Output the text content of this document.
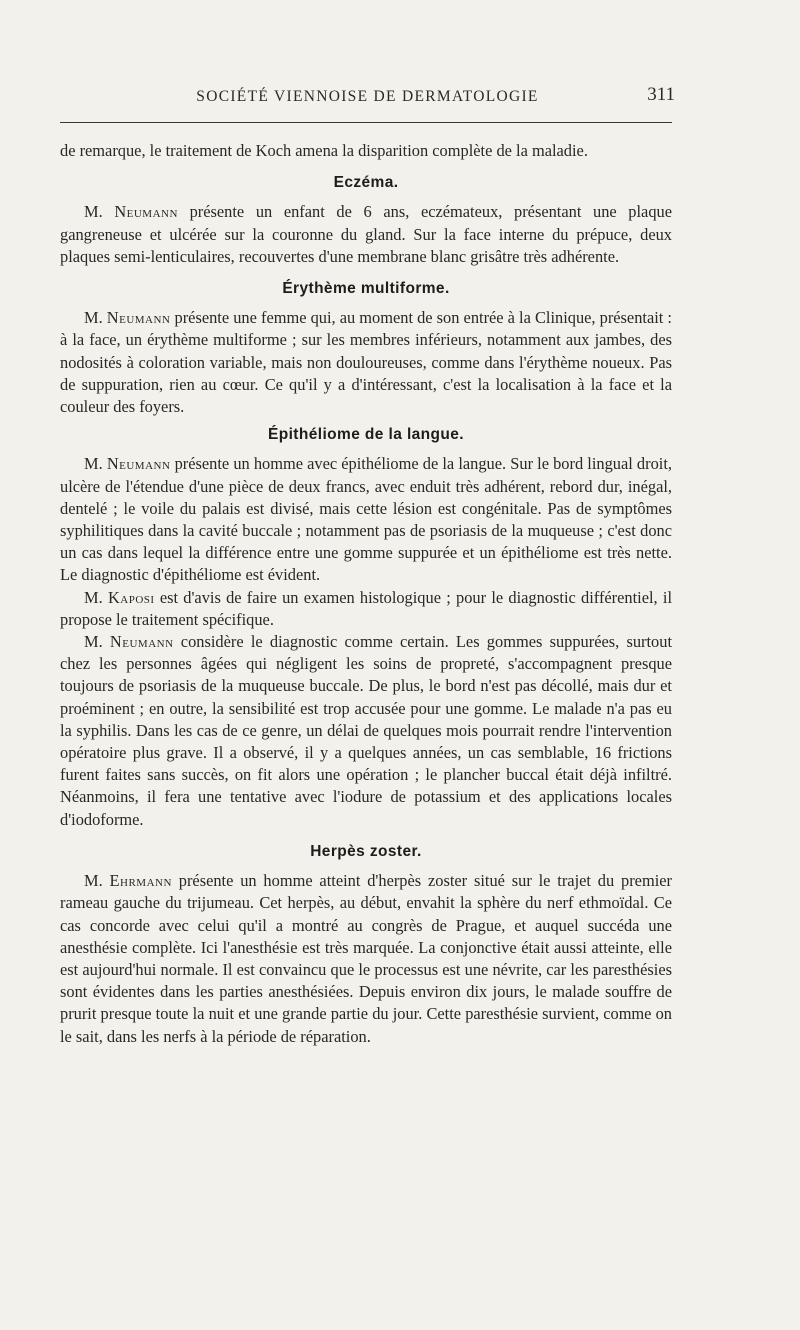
SOCIÉTÉ VIENNOISE DE DERMATOLOGIE	311

de remarque, le traitement de Koch amena la disparition complète de la maladie.

Eczéma.

M. Neumann présente un enfant de 6 ans, eczémateux, présentant une plaque gangreneuse et ulcérée sur la couronne du gland. Sur la face interne du prépuce, deux plaques semi-lenticulaires, recouvertes d'une membrane blanc grisâtre très adhérente.

Érythème multiforme.

M. Neumann présente une femme qui, au moment de son entrée à la Clinique, présentait : à la face, un érythème multiforme ; sur les membres inférieurs, notamment aux jambes, des nodosités à coloration variable, mais non douloureuses, comme dans l'érythème noueux. Pas de suppuration, rien au cœur. Ce qu'il y a d'intéressant, c'est la localisation à la face et la couleur des foyers.

Épithéliome de la langue.

M. Neumann présente un homme avec épithéliome de la langue. Sur le bord lingual droit, ulcère de l'étendue d'une pièce de deux francs, avec enduit très adhérent, rebord dur, inégal, dentelé ; le voile du palais est divisé, mais cette lésion est congénitale. Pas de symptômes syphilitiques dans la cavité buccale ; notamment pas de psoriasis de la muqueuse ; c'est donc un cas dans lequel la différence entre une gomme suppurée et un épithéliome est très nette. Le diagnostic d'épithéliome est évident.

M. Kaposi est d'avis de faire un examen histologique ; pour le diagnostic différentiel, il propose le traitement spécifique.

M. Neumann considère le diagnostic comme certain. Les gommes suppurées, surtout chez les personnes âgées qui négligent les soins de propreté, s'accompagnent presque toujours de psoriasis de la muqueuse buccale. De plus, le bord n'est pas décollé, mais dur et proéminent ; en outre, la sensibilité est trop accusée pour une gomme. Le malade n'a pas eu la syphilis. Dans les cas de ce genre, un délai de quelques mois pourrait rendre l'intervention opératoire plus grave. Il a observé, il y a quelques années, un cas semblable, 16 frictions furent faites sans succès, on fit alors une opération ; le plancher buccal était déjà infiltré. Néanmoins, il fera une tentative avec l'iodure de potassium et des applications locales d'iodoforme.

Herpès zoster.

M. Ehrmann présente un homme atteint d'herpès zoster situé sur le trajet du premier rameau gauche du trijumeau. Cet herpès, au début, envahit la sphère du nerf ethmoïdal. Ce cas concorde avec celui qu'il a montré au congrès de Prague, et auquel succéda une anesthésie complète. Ici l'anesthésie est très marquée. La conjonctive était aussi atteinte, elle est aujourd'hui normale. Il est convaincu que le processus est une névrite, car les paresthésies sont évidentes dans les parties anesthésiées. Depuis environ dix jours, le malade souffre de prurit presque toute la nuit et une grande partie du jour. Cette paresthésie survient, comme on le sait, dans les nerfs à la période de réparation.
